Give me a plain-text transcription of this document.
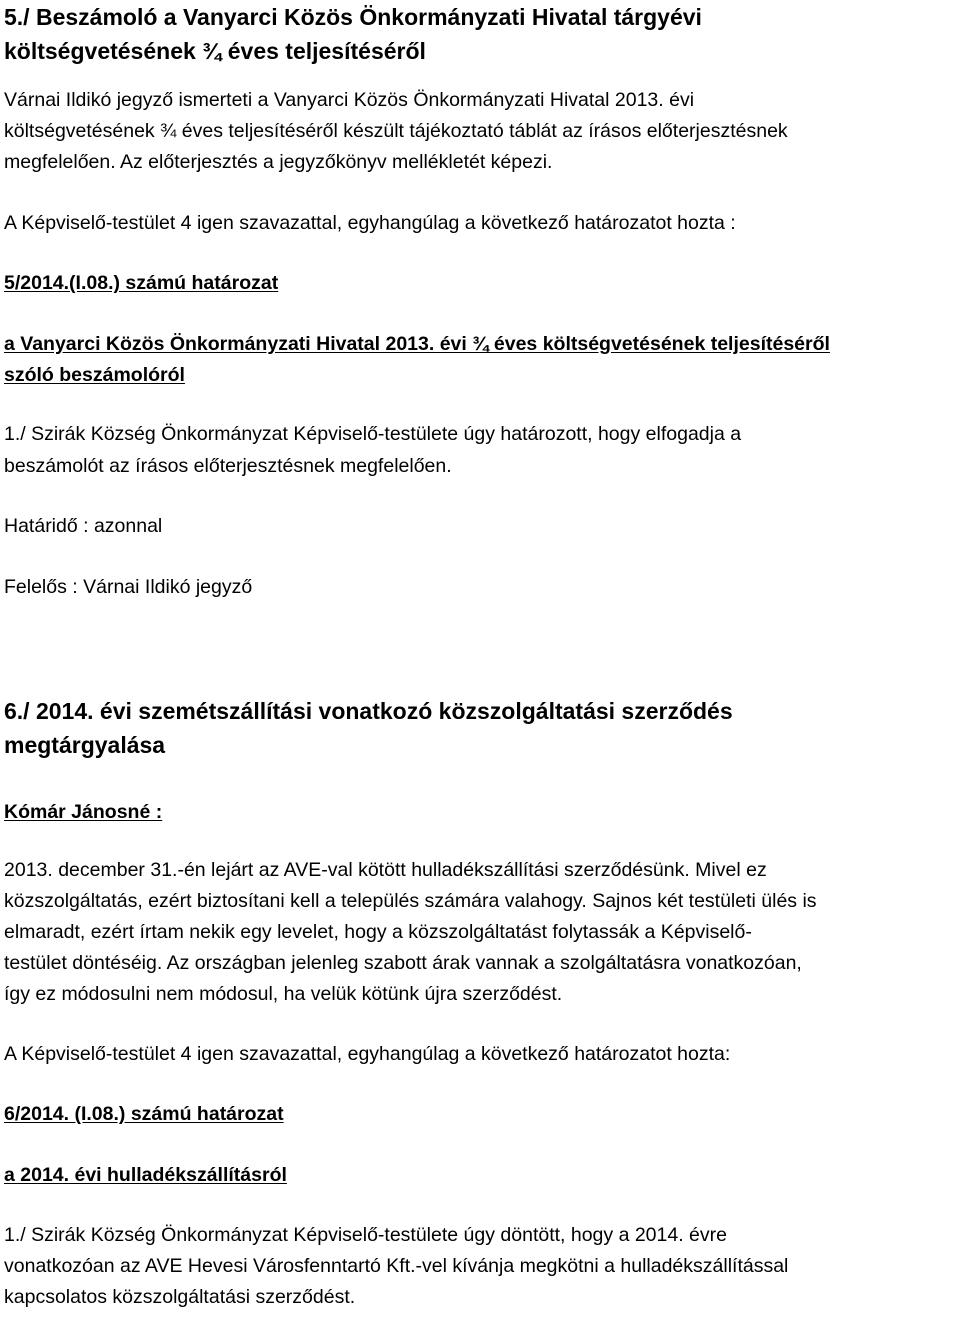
5./ Beszámoló a Vanyarci Közös Önkormányzati Hivatal tárgyévi
költségvetésének ¾ éves teljesítéséről
Várnai Ildikó jegyző ismerteti a Vanyarci Közös Önkormányzati Hivatal 2013. évi
költségvetésének ¾ éves teljesítéséről készült tájékoztató táblát az írásos előterjesztésnek
megfelelően. Az előterjesztés a jegyzőkönyv mellékletét képezi.
A Képviselő-testület 4 igen szavazattal, egyhangúlag a következő határozatot hozta :
5/2014.(I.08.) számú határozat
a Vanyarci Közös Önkormányzati Hivatal 2013. évi ¾ éves költségvetésének teljesítéséről
szóló beszámolóról
1./ Szirák Község Önkormányzat Képviselő-testülete úgy határozott, hogy elfogadja a
beszámolót az írásos előterjesztésnek megfelelően.
Határidő : azonnal
Felelős : Várnai Ildikó jegyző
6./ 2014. évi szemétszállítási vonatkozó közszolgáltatási szerződés
megtárgyalása
Kómár Jánosné :
2013. december 31.-én lejárt az AVE-val kötött hulladékszállítási szerződésünk. Mivel ez
közszolgáltatás, ezért biztosítani kell a település számára valahogy. Sajnos két testületi ülés is
elmaradt, ezért írtam nekik egy levelet, hogy a közszolgáltatást folytassák a Képviselő-
testület döntéséig. Az országban jelenleg szabott árak vannak a szolgáltatásra vonatkozóan,
így ez módosulni nem módosul, ha velük kötünk újra szerződést.
A Képviselő-testület 4 igen szavazattal, egyhangúlag a következő határozatot hozta:
6/2014. (I.08.) számú határozat
a 2014. évi hulladékszállításról
1./ Szirák Község Önkormányzat Képviselő-testülete úgy döntött, hogy a 2014. évre
vonatkozóan az AVE Hevesi Városfenntartó Kft.-vel kívánja megkötni a hulladékszállítással
kapcsolatos közszolgáltatási szerződést.
